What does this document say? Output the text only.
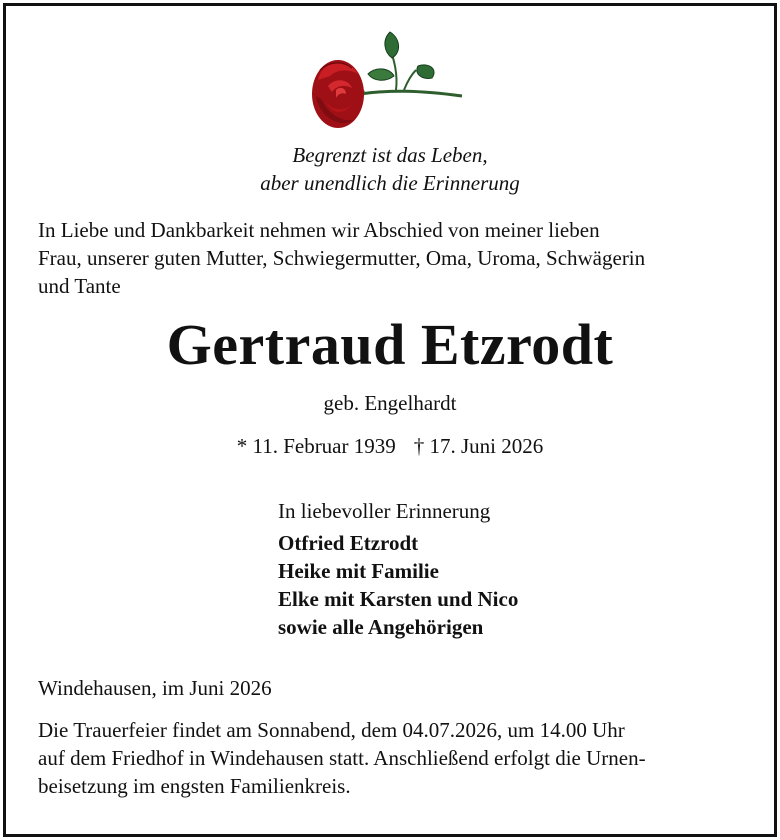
Begrenzt ist das Leben,
aber unendlich die Erinnerung
In Liebe und Dankbarkeit nehmen wir Abschied von meiner lieben
Frau, unserer guten Mutter, Schwiegermutter, Oma, Uroma, Schwägerin
und Tante
Gertraud Etzrodt
geb. Engelhardt
* 11. Februar 1939 † 17. Juni 2026
In liebevoller Erinnerung
Otfried Etzrodt
Heike mit Familie
Elke mit Karsten und Nico
sowie alle Angehörigen
Windehausen, im Juni 2026
Die Trauerfeier findet am Sonnabend, dem 04.07.2026, um 14.00 Uhr
auf dem Friedhof in Windehausen statt. Anschließend erfolgt die Urnen-
beisetzung im engsten Familienkreis.
